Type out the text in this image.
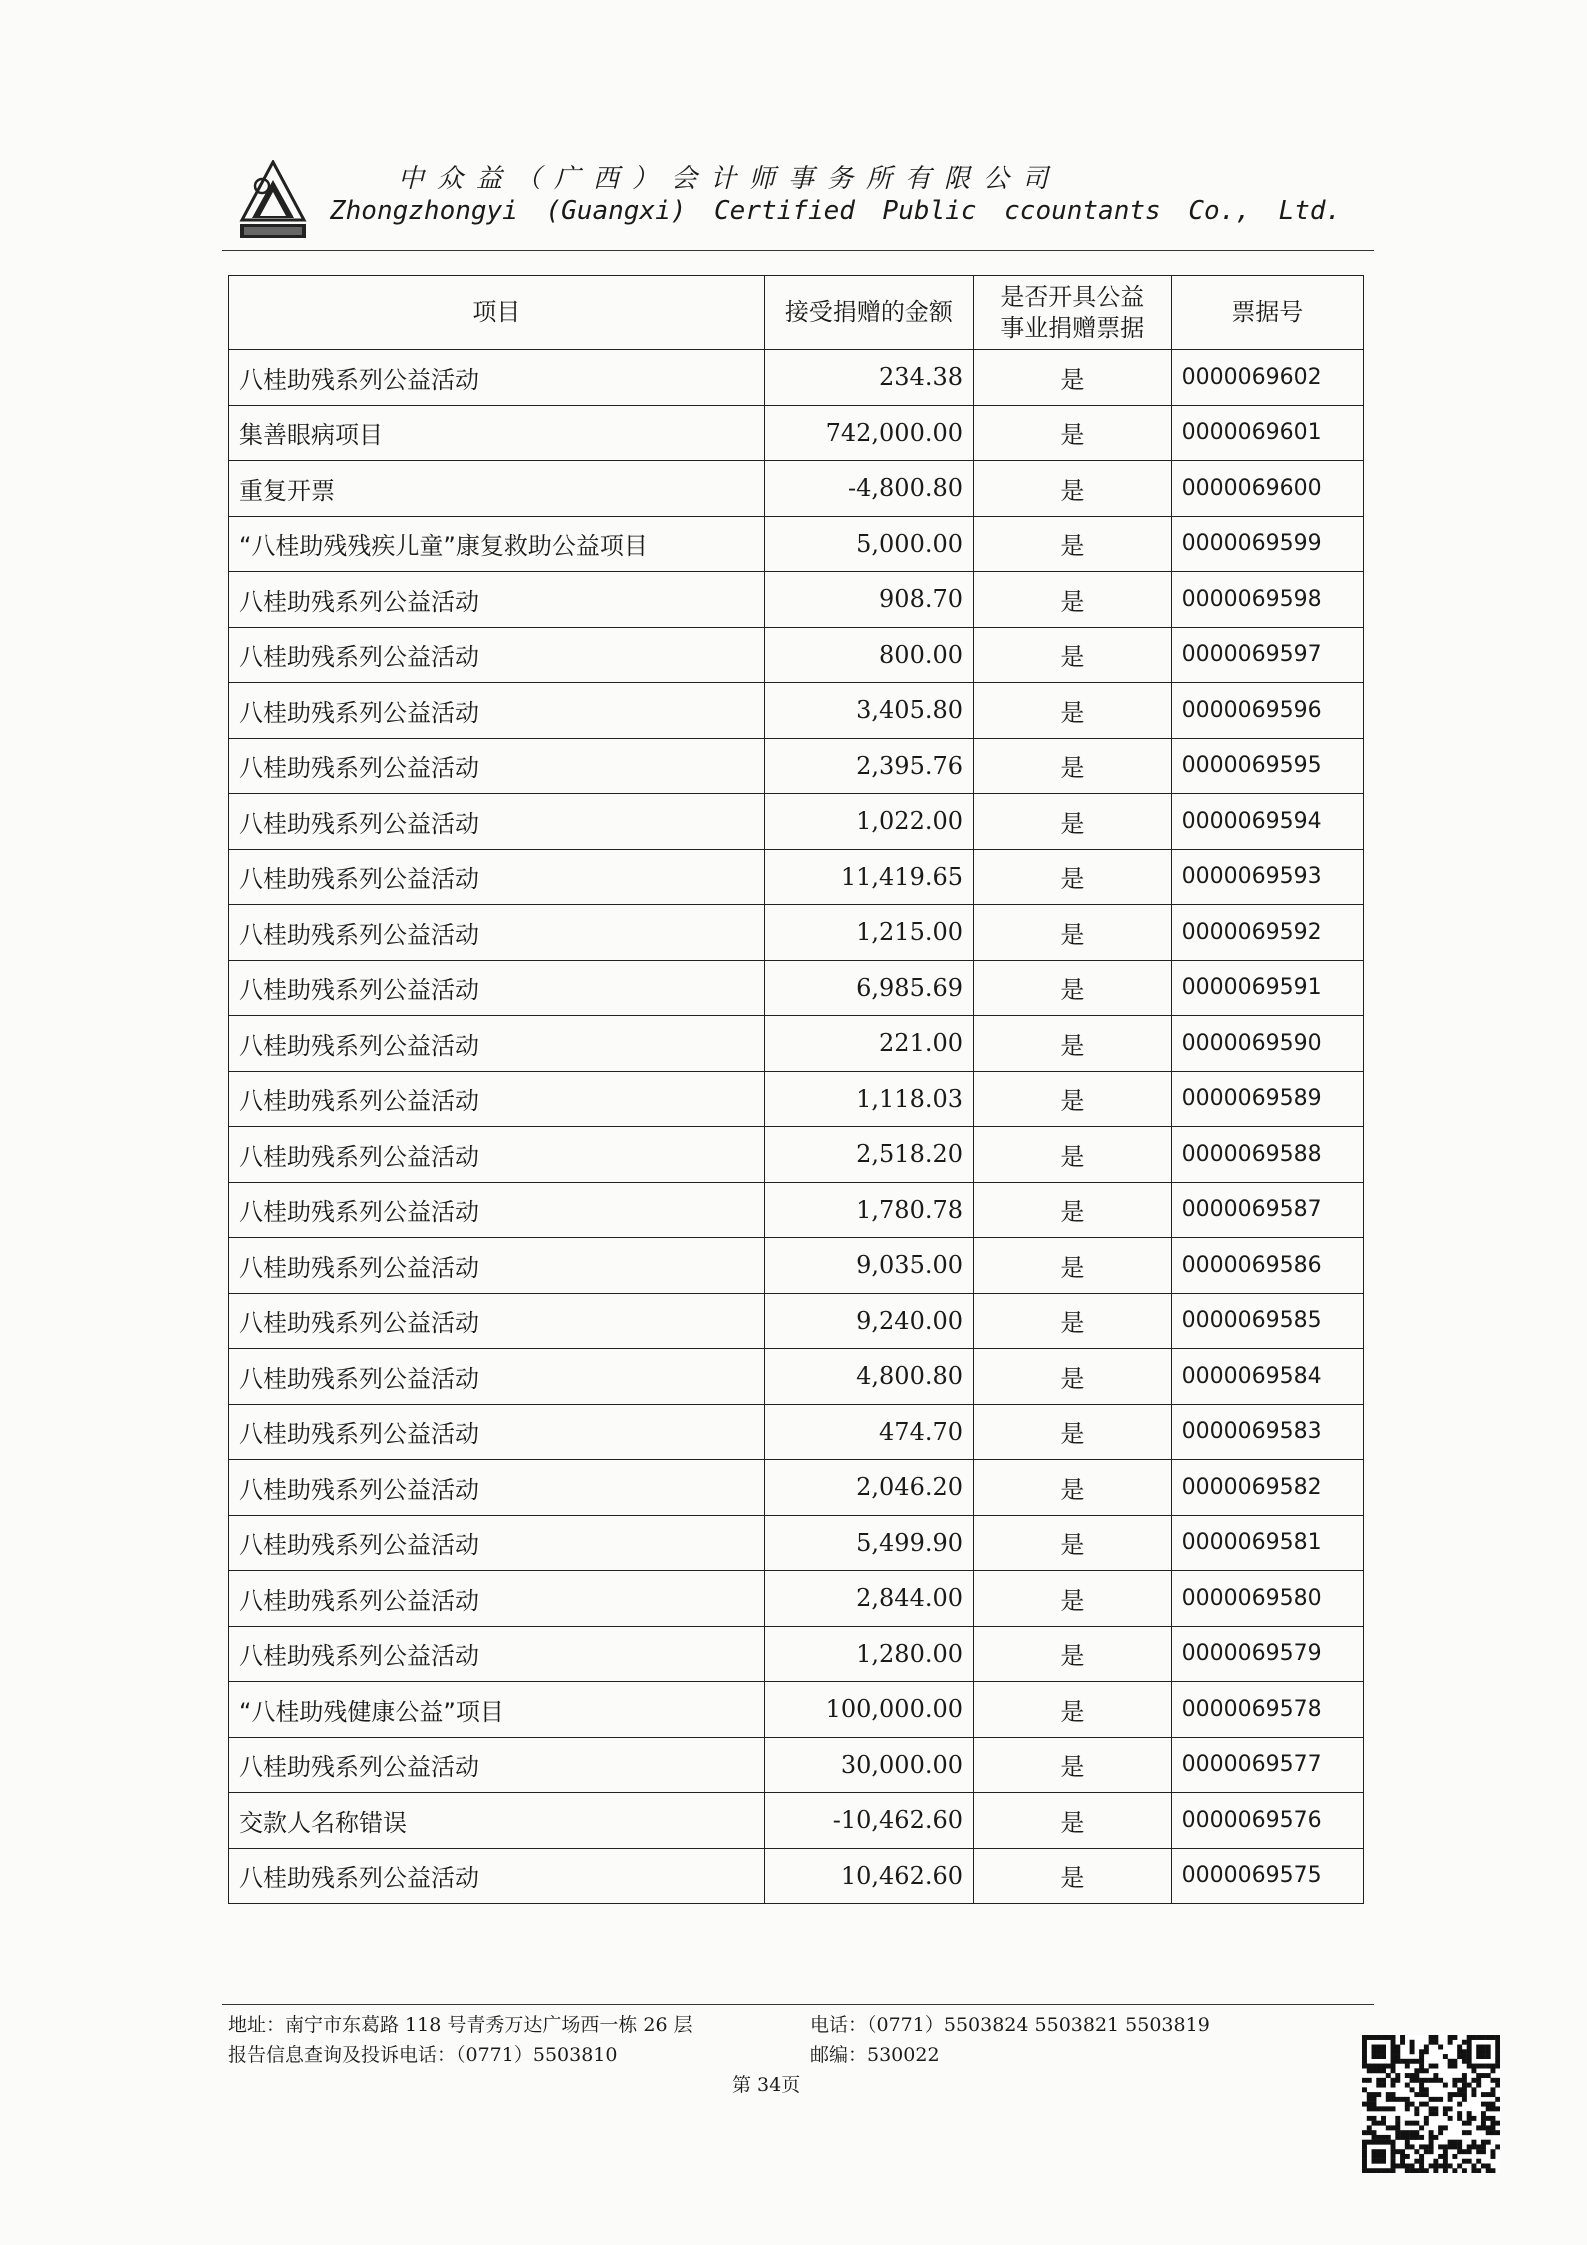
中众益（广西）会计师事务所有限公司
Zhongzhongyi (Guangxi) Certified Public ccountants Co., Ltd.
项目	接受捐赠的金额	是否开具公益事业捐赠票据	票据号
八桂助残系列公益活动	234.38	是	0000069602
集善眼病项目	742,000.00	是	0000069601
重复开票	-4,800.80	是	0000069600
“八桂助残残疾儿童”康复救助公益项目	5,000.00	是	0000069599
八桂助残系列公益活动	908.70	是	0000069598
八桂助残系列公益活动	800.00	是	0000069597
八桂助残系列公益活动	3,405.80	是	0000069596
八桂助残系列公益活动	2,395.76	是	0000069595
八桂助残系列公益活动	1,022.00	是	0000069594
八桂助残系列公益活动	11,419.65	是	0000069593
八桂助残系列公益活动	1,215.00	是	0000069592
八桂助残系列公益活动	6,985.69	是	0000069591
八桂助残系列公益活动	221.00	是	0000069590
八桂助残系列公益活动	1,118.03	是	0000069589
八桂助残系列公益活动	2,518.20	是	0000069588
八桂助残系列公益活动	1,780.78	是	0000069587
八桂助残系列公益活动	9,035.00	是	0000069586
八桂助残系列公益活动	9,240.00	是	0000069585
八桂助残系列公益活动	4,800.80	是	0000069584
八桂助残系列公益活动	474.70	是	0000069583
八桂助残系列公益活动	2,046.20	是	0000069582
八桂助残系列公益活动	5,499.90	是	0000069581
八桂助残系列公益活动	2,844.00	是	0000069580
八桂助残系列公益活动	1,280.00	是	0000069579
“八桂助残健康公益”项目	100,000.00	是	0000069578
八桂助残系列公益活动	30,000.00	是	0000069577
交款人名称错误	-10,462.60	是	0000069576
八桂助残系列公益活动	10,462.60	是	0000069575
地址：南宁市东葛路 118 号青秀万达广场西一栋 26 层	电话：（0771）5503824 5503821 5503819
报告信息查询及投诉电话：（0771）5503810	邮编：530022
第 34页
